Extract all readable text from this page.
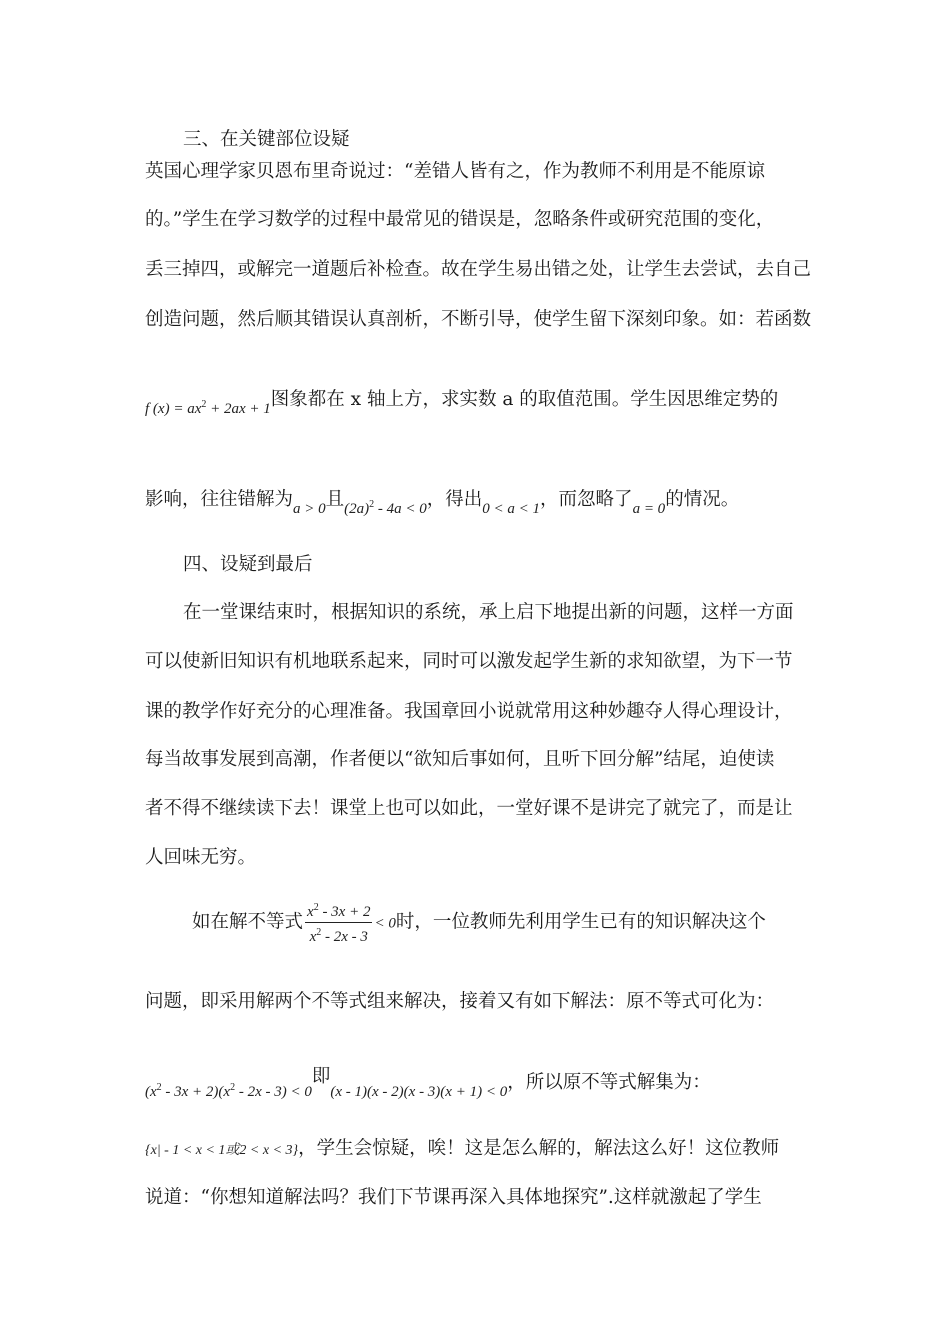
三、在关键部位设疑
英国心理学家贝恩布里奇说过：“差错人皆有之，作为教师不利用是不能原谅
的。”学生在学习数学的过程中最常见的错误是，忽略条件或研究范围的变化，
丢三掉四，或解完一道题后补检查。故在学生易出错之处，让学生去尝试，去自己
创造问题，然后顺其错误认真剖析，不断引导，使学生留下深刻印象。如：若函数
$_{f (x) = ax^2 + 2ax + 1}$图象都在 x 轴上方，求实数 a 的取值范围。学生因思维定势的
影响，往往错解为$_{a > 0}$且$_{(2a)^2 - 4a < 0}$，得出$_{0 < a < 1}$，而忽略了$_{a = 0}$的情况。
四、设疑到最后
在一堂课结束时，根据知识的系统，承上启下地提出新的问题，这样一方面
可以使新旧知识有机地联系起来，同时可以激发起学生新的求知欲望，为下一节
课的教学作好充分的心理准备。我国章回小说就常用这种妙趣夺人得心理设计，
每当故事发展到高潮，作者便以“欲知后事如何，且听下回分解”结尾，迫使读
者不得不继续读下去！课堂上也可以如此，一堂好课不是讲完了就完了，而是让
人回味无穷。
如在解不等式 $\frac{x^2 - 3x + 2}{x^2 - 2x - 3} < 0$时，一位教师先利用学生已有的知识解决这个
问题，即采用解两个不等式组来解决，接着又有如下解法：原不等式可化为：
$_{(x^2 - 3x + 2)(x^2 - 2x - 3) < 0}$即$_{(x - 1)(x - 2)(x - 3)(x + 1) < 0}$，所以原不等式解集为：
{x| - 1 < x < 1或2 < x < 3}，学生会惊疑，唉！这是怎么解的，解法这么好！这位教师
说道：“你想知道解法吗？我们下节课再深入具体地探究”.这样就激起了学生
